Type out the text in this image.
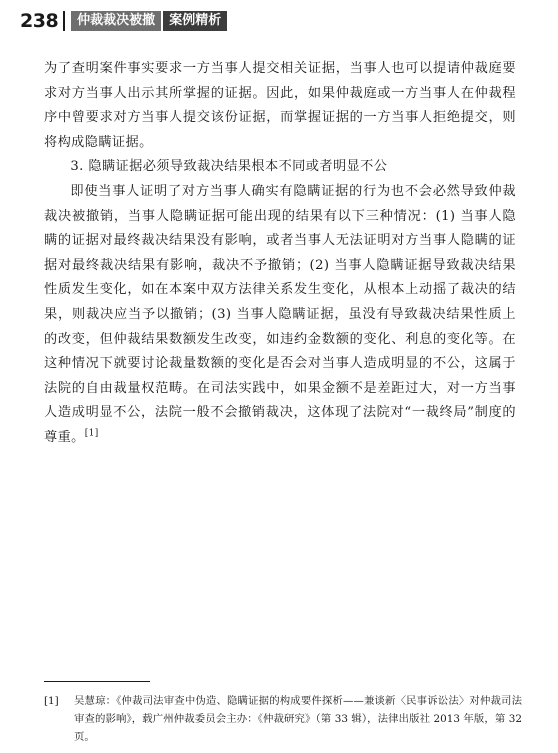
238	仲裁裁决被撤	案例精析

为了查明案件事实要求一方当事人提交相关证据，当事人也可以提请仲裁庭要求对方当事人出示其所掌握的证据。因此，如果仲裁庭或一方当事人在仲裁程序中曾要求对方当事人提交该份证据，而掌握证据的一方当事人拒绝提交，则将构成隐瞒证据。

3. 隐瞒证据必须导致裁决结果根本不同或者明显不公

即使当事人证明了对方当事人确实有隐瞒证据的行为也不会必然导致仲裁裁决被撤销，当事人隐瞒证据可能出现的结果有以下三种情况：(1) 当事人隐瞒的证据对最终裁决结果没有影响，或者当事人无法证明对方当事人隐瞒的证据对最终裁决结果有影响，裁决不予撤销；(2) 当事人隐瞒证据导致裁决结果性质发生变化，如在本案中双方法律关系发生变化，从根本上动摇了裁决的结果，则裁决应当予以撤销；(3) 当事人隐瞒证据，虽没有导致裁决结果性质上的改变，但仲裁结果数额发生改变，如违约金数额的变化、利息的变化等。在这种情况下就要讨论裁量数额的变化是否会对当事人造成明显的不公，这属于法院的自由裁量权范畴。在司法实践中，如果金额不是差距过大，对一方当事人造成明显不公，法院一般不会撤销裁决，这体现了法院对“一裁终局”制度的尊重。[1]

[1]	吴慧琼：《仲裁司法审查中伪造、隐瞒证据的构成要件探析——兼谈新〈民事诉讼法〉对仲裁司法审查的影响》，载广州仲裁委员会主办：《仲裁研究》（第 33 辑），法律出版社 2013 年版，第 32 页。
